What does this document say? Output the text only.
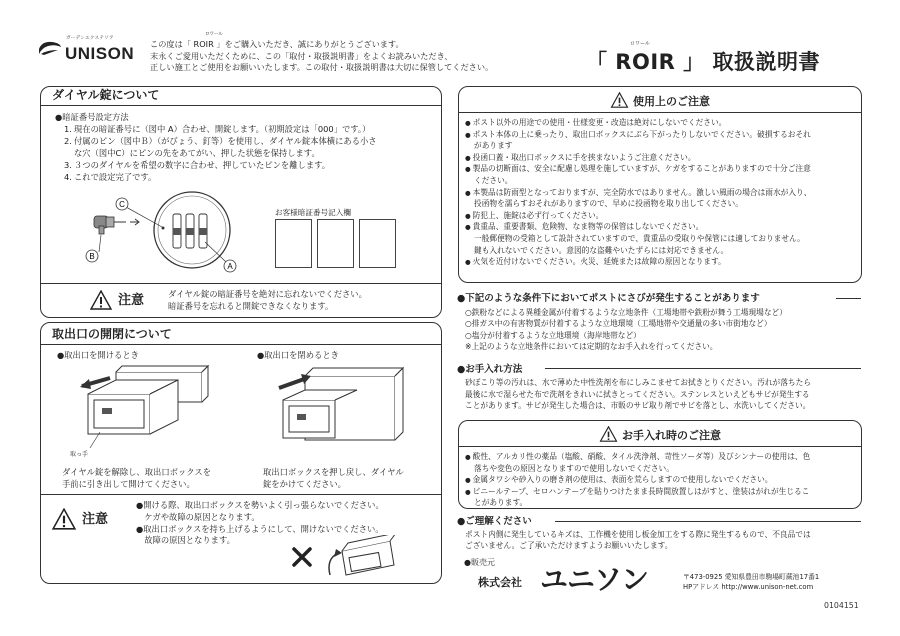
ガーデンエクステリア
UNISON
ロワール
この度は「 ROIR 」をご購入いただき、誠にありがとうございます。
末永くご愛用いただくために、この「取付・取扱説明書」をよくお読みいただき、
正しい施工とご使用をお願いいたします。この取付・取扱説明書は大切に保管してください。
ロワール
「 ROIR 」 取扱説明書
ダイヤル錠について
●暗証番号設定方法
1. 現在の暗証番号に（図中 A）合わせ、開錠します。（初期設定は「000」です。）
2. 付属のピン（図中Ｂ）（がびょう、釘等）を使用し、ダイヤル錠本体横にある小さ
な穴（図中C）にピンの先をあてがい、押した状態を保持します。
3. ３つのダイヤルを希望の数字に合わせ、押していたピンを離します。
4. これで設定完了です。
C
B
A
お客様暗証番号記入欄
注意	ダイヤル錠の暗証番号を絶対に忘れないでください。
暗証番号を忘れると開錠できなくなります。
取出口の開閉について
●取出口を開けるとき	●取出口を閉めるとき
取っ手
ダイヤル錠を解除し、取出口ボックスを
手前に引き出して開けてください。
取出口ボックスを押し戻し、ダイヤル
錠をかけてください。
注意
●開ける際、取出口ボックスを勢いよく引っ張らないでください。
　ケガや故障の原因となります。
●取出口ボックスを持ち上げるようにして、開けないでください。
　故障の原因となります。
使用上のご注意
● ポスト以外の用途での使用・仕様変更・改造は絶対にしないでください。
● ポスト本体の上に乗ったり、取出口ボックスにぶら下がったりしないでください。破損するおそれ
があります
● 投函口蓋・取出口ボックスに手を挟まないようご注意ください。
● 製品の切断面は、安全に配慮し処理を施していますが、ケガをすることがありますので十分ご注意
ください。
● 本製品は防雨型となっておりますが、完全防水ではありません。激しい風雨の場合は雨水が入り、
投函物を濡らすおそれがありますので、早めに投函物を取り出してください。
● 防犯上、施錠は必ず行ってください。
● 貴重品、重要書類、危険物、なま物等の保管はしないでください。
一般郵便物の受箱として設計されていますので、貴重品の受取りや保管には適しておりません。
鍵も入れないでください。意図的な盗難やいたずらには対応できません。
● 火気を近付けないでください。火災、延焼または故障の原因となります。
●下記のような条件下においてポストにさびが発生することがあります
○鉄粉などによる異種金属が付着するような立地条件（工場地帯や鉄粉が舞う工場現場など）
○排ガス中の有害物質が付着するような立地環境（工場地帯や交通量の多い市街地など）
○塩分が付着するような立地環境（海岸地帯など）
※上記のような立地条件においては定期的なお手入れを行ってください。
●お手入れ方法
砂ぼこり等の汚れは、水で薄めた中性洗剤を布にしみこませてお拭きとりください。汚れが落ちたら
最後に水で湿らせた布で洗剤をきれいに拭きとってください。ステンレスといえどもサビが発生する
ことがあります。サビが発生した場合は、市販のサビ取り剤でサビを落とし、水洗いしてください。
お手入れ時のご注意
● 酸性、アルカリ性の薬品（塩酸、硝酸、タイル洗浄剤、苛性ソーダ等）及びシンナーの使用は、色
落ちや変色の原因となりますので使用しないでください。
● 金属タワシや砂入りの磨き剤の使用は、表面を荒らしますので使用しないでください。
● ビニールテープ、セロハンテープを貼りつけたまま長時間放置しはがすと、塗装はがれが生じるこ
とがあります。
●ご理解ください
ポスト内側に発生しているキズは、工作機を使用し板金加工をする際に発生するもので、不良品では
ございません。ご了承いただけますようお願いいたします。
●販売元
株式会社 ユニソン	〒473-0925 愛知県豊田市駒場町蕨池17番1
HPアドレス http://www.unison-net.com
0104151
